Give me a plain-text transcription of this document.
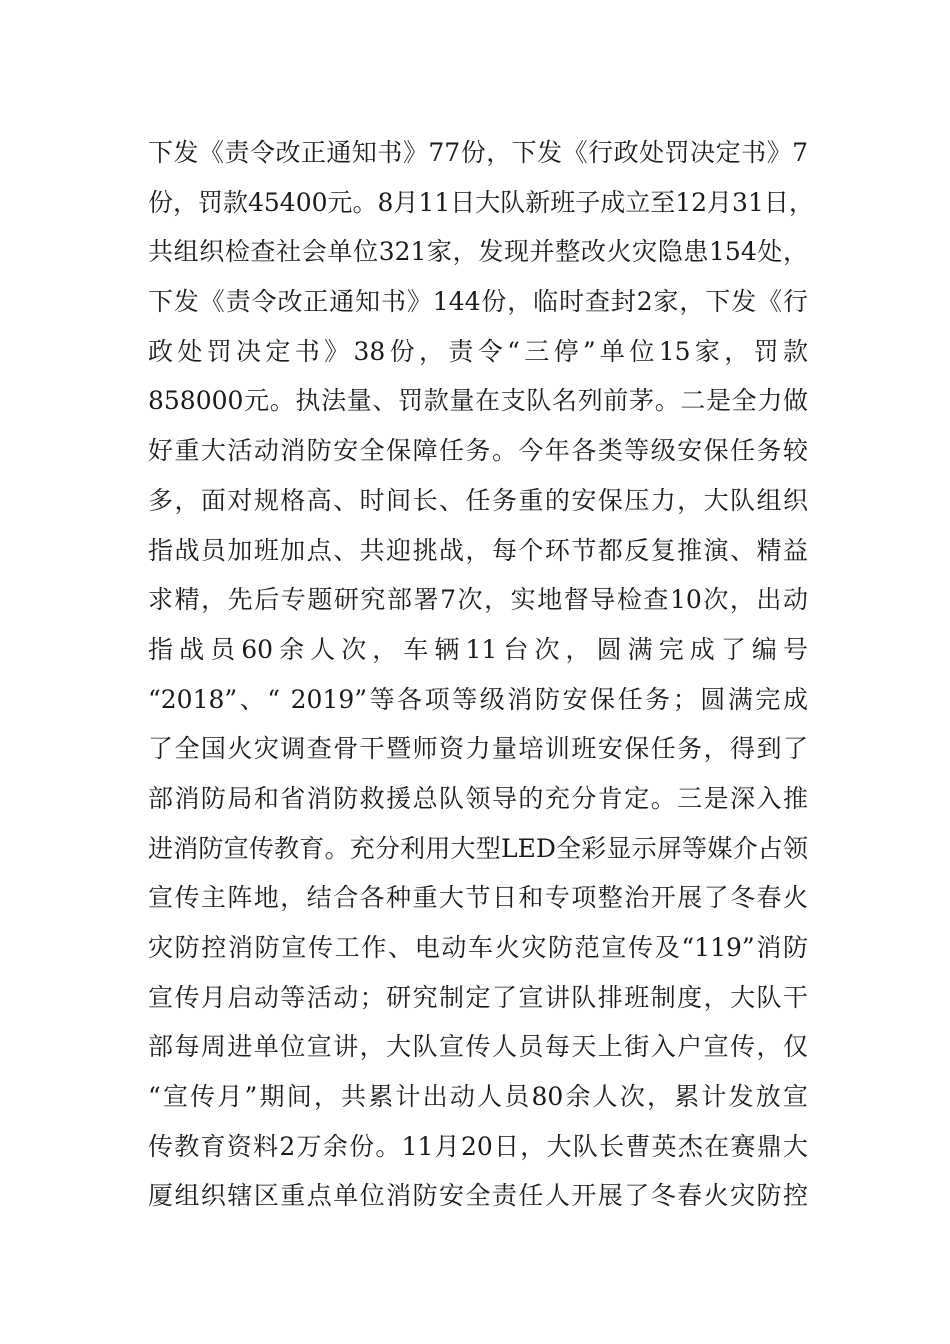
下发《责令改正通知书》77份，下发《行政处罚决定书》7
份，罚款45400元。8月11日大队新班子成立至12月31日，
共组织检查社会单位321家，发现并整改火灾隐患154处，
下发《责令改正通知书》144份，临时查封2家，下发《行
政处罚决定书》38份，责令“三停”单位15家，罚款
858000元。执法量、罚款量在支队名列前茅。二是全力做
好重大活动消防安全保障任务。今年各类等级安保任务较
多，面对规格高、时间长、任务重的安保压力，大队组织
指战员加班加点、共迎挑战，每个环节都反复推演、精益
求精，先后专题研究部署7次，实地督导检查10次，出动
指战员60余人次，车辆11台次，圆满完成了编号
“2018”、“ 2019”等各项等级消防安保任务；圆满完成
了全国火灾调查骨干暨师资力量培训班安保任务，得到了
部消防局和省消防救援总队领导的充分肯定。三是深入推
进消防宣传教育。充分利用大型LED全彩显示屏等媒介占领
宣传主阵地，结合各种重大节日和专项整治开展了冬春火
灾防控消防宣传工作、电动车火灾防范宣传及“119”消防
宣传月启动等活动；研究制定了宣讲队排班制度，大队干
部每周进单位宣讲，大队宣传人员每天上街入户宣传，仅
“宣传月”期间，共累计出动人员80余人次，累计发放宣
传教育资料2万余份。11月20日，大队长曹英杰在赛鼎大
厦组织辖区重点单位消防安全责任人开展了冬春火灾防控
